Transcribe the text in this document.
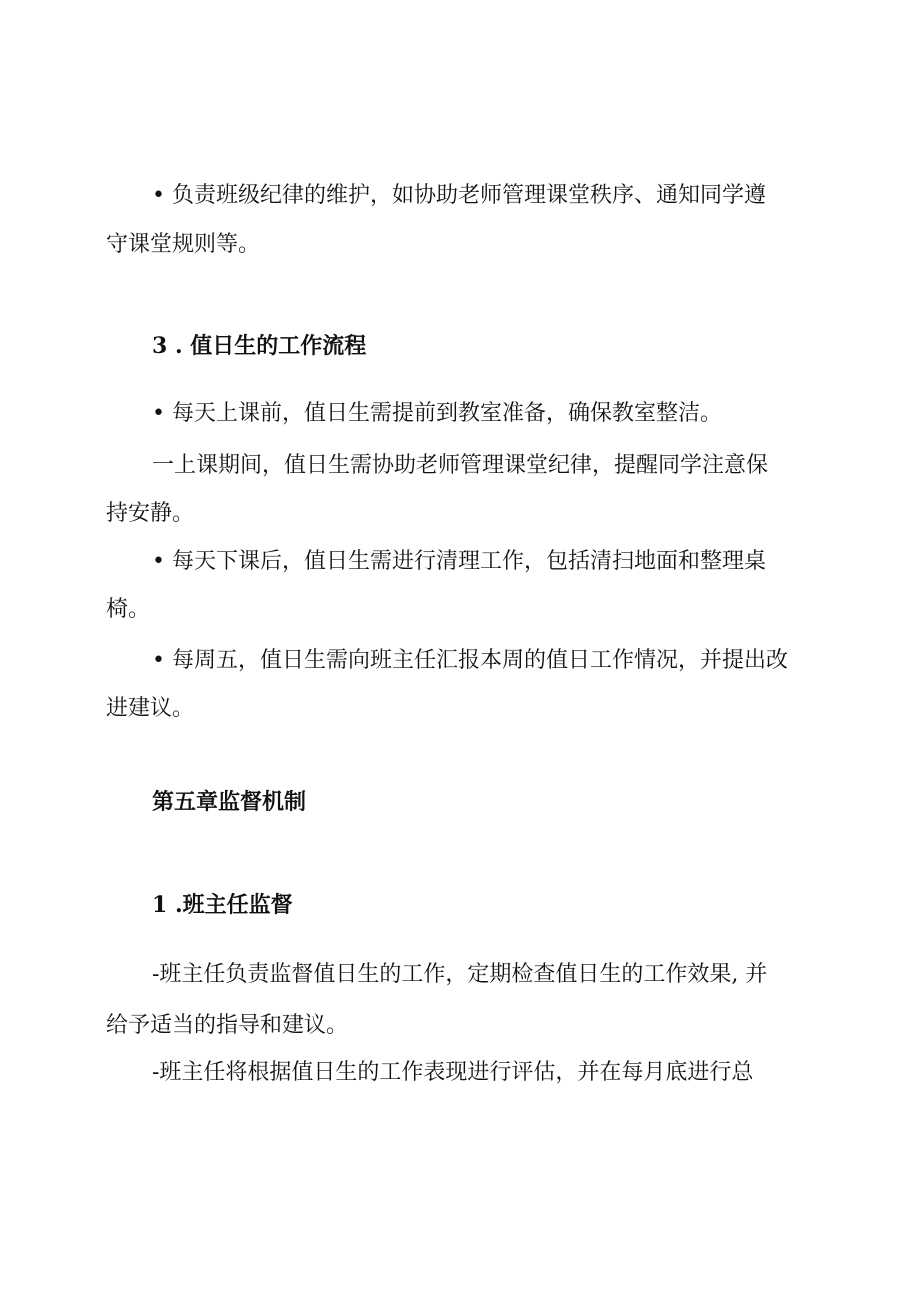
• 负责班级纪律的维护，如协助老师管理课堂秩序、通知同学遵
守课堂规则等。
3 . 值日生的工作流程
• 每天上课前，值日生需提前到教室准备，确保教室整洁。
一上课期间，值日生需协助老师管理课堂纪律，提醒同学注意保
持安静。
• 每天下课后，值日生需进行清理工作，包括清扫地面和整理桌
椅。
• 每周五，值日生需向班主任汇报本周的值日工作情况，并提出改
进建议。
第五章监督机制
1 .班主任监督
-班主任负责监督值日生的工作，定期检查值日生的工作效果, 并
给予适当的指导和建议。
-班主任将根据值日生的工作表现进行评估，并在每月底进行总
